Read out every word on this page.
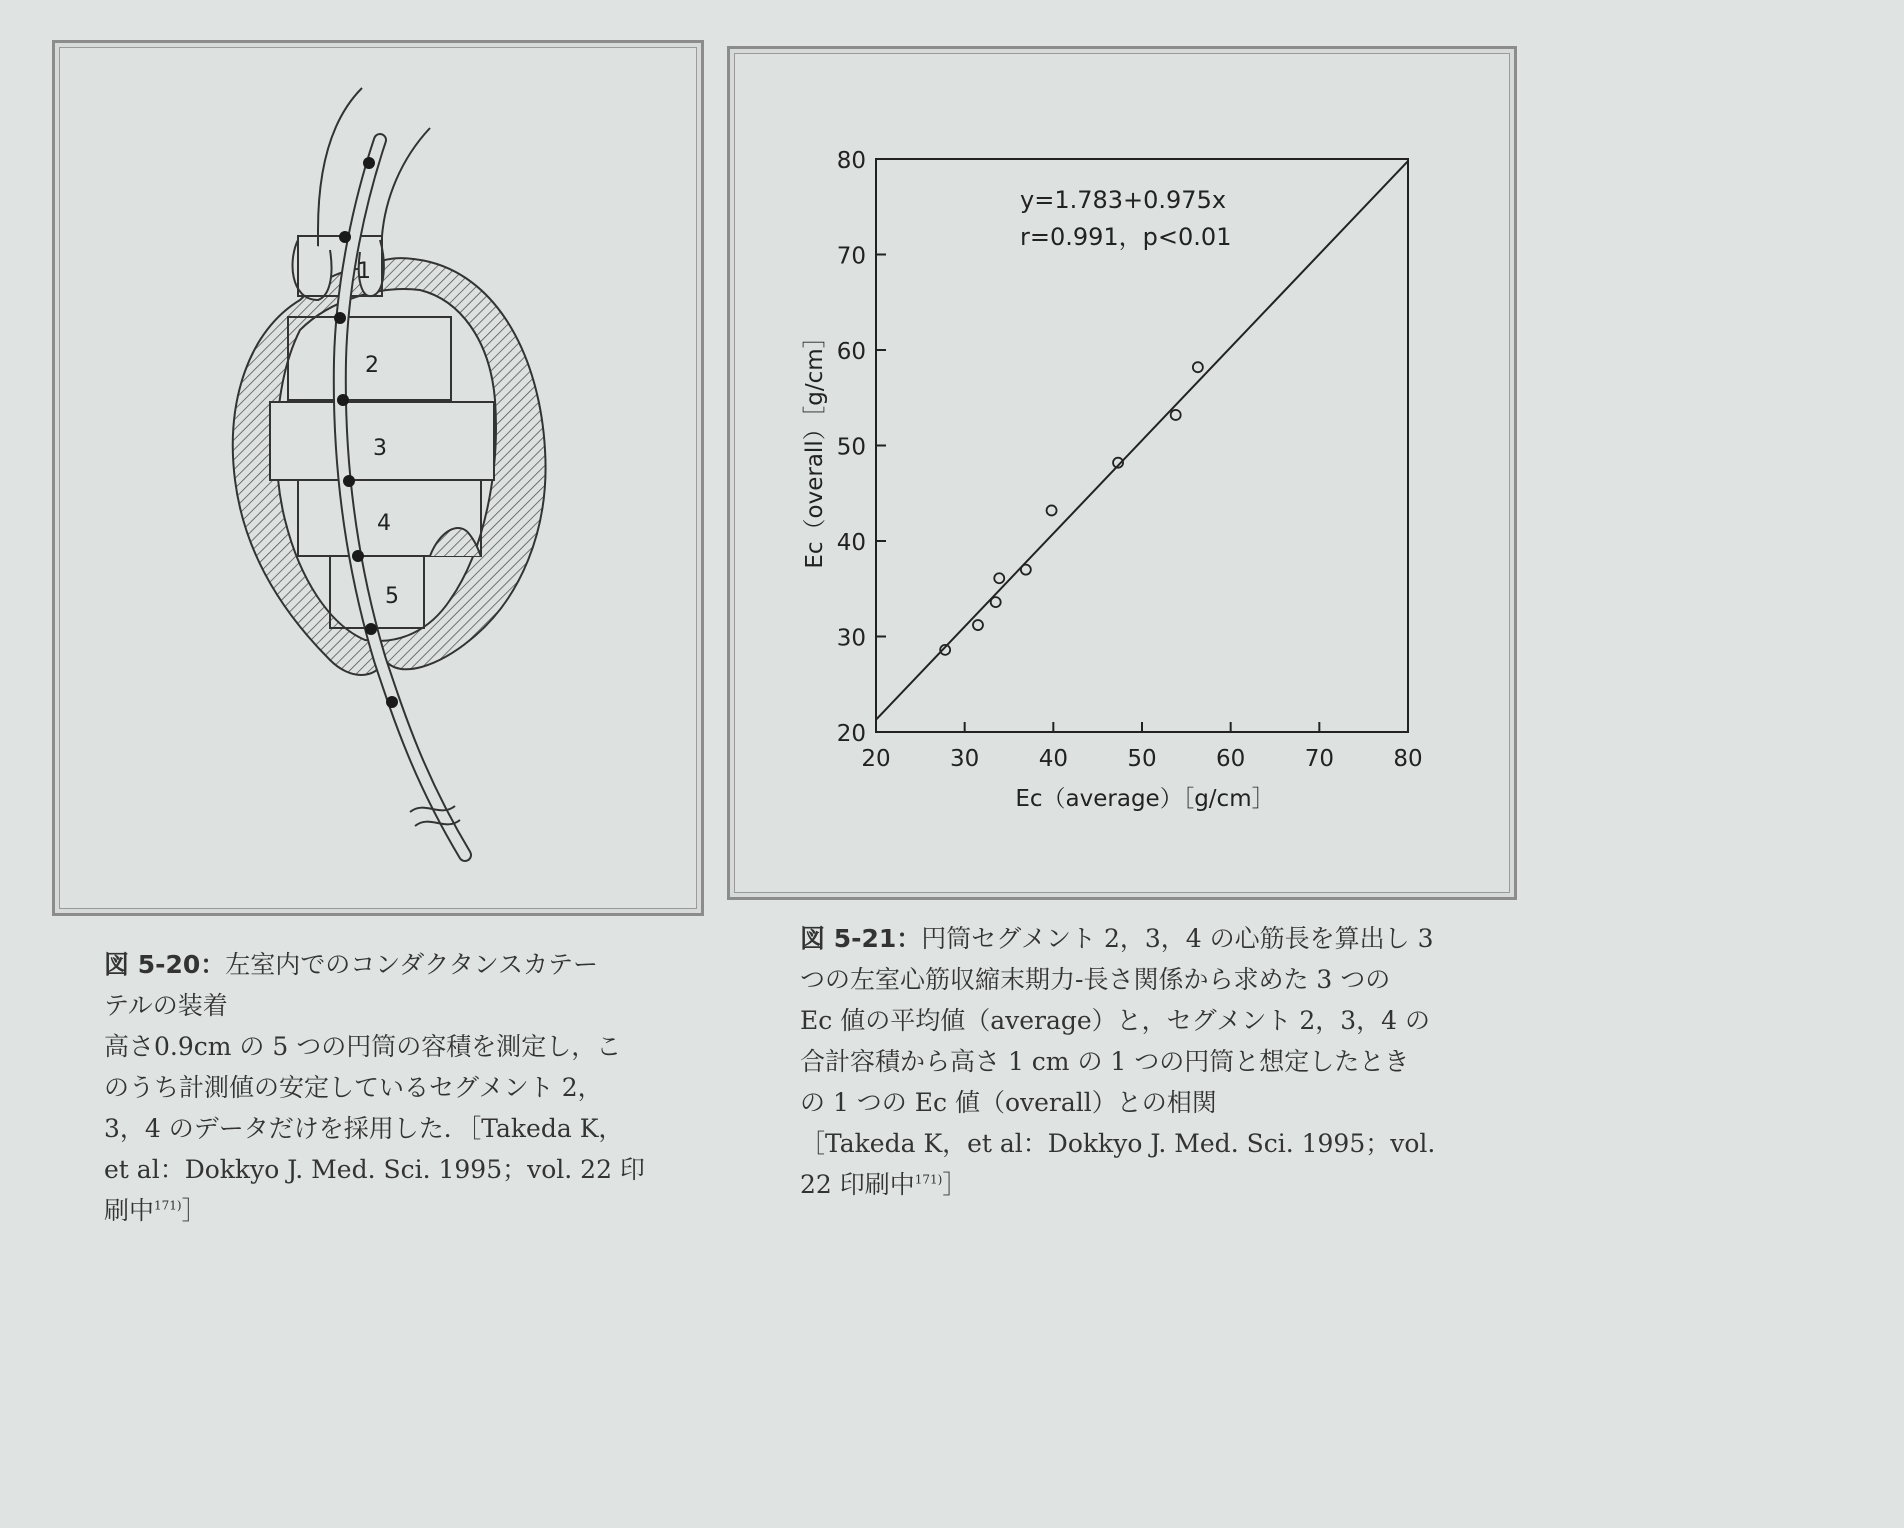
1
2
3
4
5
20	30	40	50	60	70	80
20
30
40
50
60
70
80
y=1.783+0.975x
r=0.991，p<0.01
Ec（average）［g/cm］
Ec（overall）［g/cm］

図 5-20：左室内でのコンダクタンスカテー
テルの装着
高さ0.9cm の 5 つの円筒の容積を測定し，こ
のうち計測値の安定しているセグメント 2，
3，4 のデータだけを採用した．［Takeda K，
et al：Dokkyo J. Med. Sci. 1995；vol. 22 印
刷中$^{171)}$］

図 5-21：円筒セグメント 2，3，4 の心筋長を算出し 3
つの左室心筋収縮末期力-長さ関係から求めた 3 つの
Ec 値の平均値（average）と，セグメント 2，3，4 の
合計容積から高さ 1 cm の 1 つの円筒と想定したとき
の 1 つの Ec 値（overall）との相関
［Takeda K，et al：Dokkyo J. Med. Sci. 1995；vol.
22 印刷中$^{171)}$］
